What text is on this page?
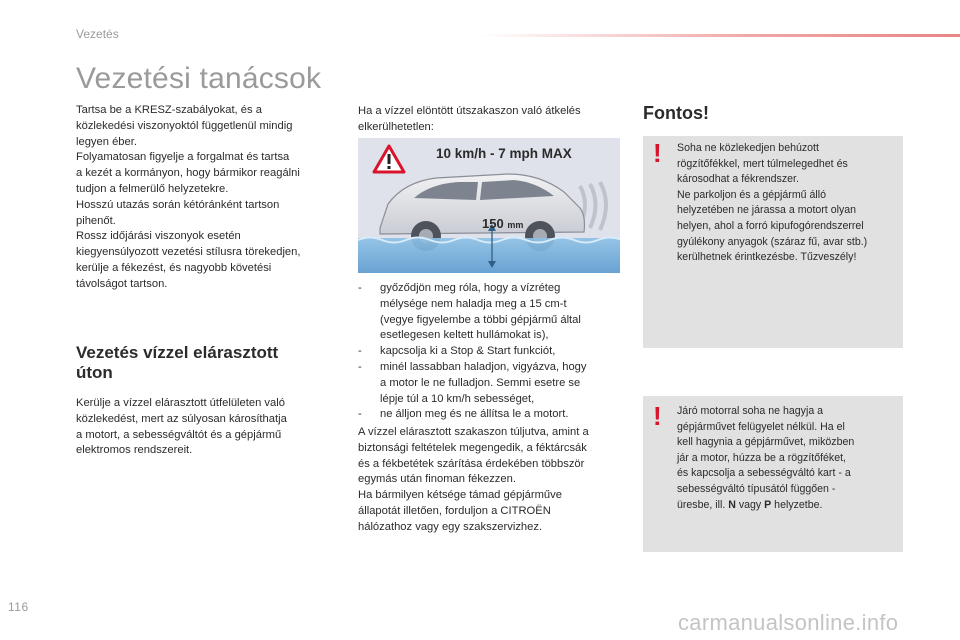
Vezetés
Vezetési tanácsok
Tartsa be a KRESZ-szabályokat, és a
közlekedési viszonyoktól függetlenül mindig
legyen éber.
Folyamatosan figyelje a forgalmat és tartsa
a kezét a kormányon, hogy bármikor reagálni
tudjon a felmerülő helyzetekre.
Hosszú utazás során kétóránként tartson
pihenőt.
Rossz időjárási viszonyok esetén
kiegyensúlyozott vezetési stílusra törekedjen,
kerülje a fékezést, és nagyobb követési
távolságot tartson.
Vezetés vízzel elárasztott
úton
Kerülje a vízzel elárasztott útfelületen való
közlekedést, mert az súlyosan károsíthatja
a motort, a sebességváltót és a gépjármű
elektromos rendszereit.
Ha a vízzel elöntött útszakaszon való átkelés
elkerülhetetlen:
10 km/h - 7 mph MAX
150 mm
- győződjön meg róla, hogy a vízréteg
mélysége nem haladja meg a 15 cm-t
(vegye figyelembe a többi gépjármű által
esetlegesen keltett hullámokat is),
- kapcsolja ki a Stop & Start funkciót,
- minél lassabban haladjon, vigyázva, hogy
a motor le ne fulladjon. Semmi esetre se
lépje túl a 10 km/h sebességet,
- ne álljon meg és ne állítsa le a motort.
A vízzel elárasztott szakaszon túljutva, amint a
biztonsági feltételek megengedik, a féktárcsák
és a fékbetétek szárítása érdekében többször
egymás után finoman fékezzen.
Ha bármilyen kétsége támad gépjárműve
állapotát illetően, forduljon a CITROËN
hálózathoz vagy egy szakszervizhez.
Fontos!
! Soha ne közlekedjen behúzott
rögzítőfékkel, mert túlmelegedhet és
károsodhat a fékrendszer.
Ne parkoljon és a gépjármű álló
helyzetében ne járassa a motort olyan
helyen, ahol a forró kipufogórendszerrel
gyúlékony anyagok (száraz fű, avar stb.)
kerülhetnek érintkezésbe. Tűzveszély!
! Járó motorral soha ne hagyja a
gépjárművet felügyelet nélkül. Ha el
kell hagynia a gépjárművet, miközben
jár a motor, húzza be a rögzítőféket,
és kapcsolja a sebességváltó kart - a
sebességváltó típusától függően -
üresbe, ill. N vagy P helyzetbe.
116
carmanualsonline.info
